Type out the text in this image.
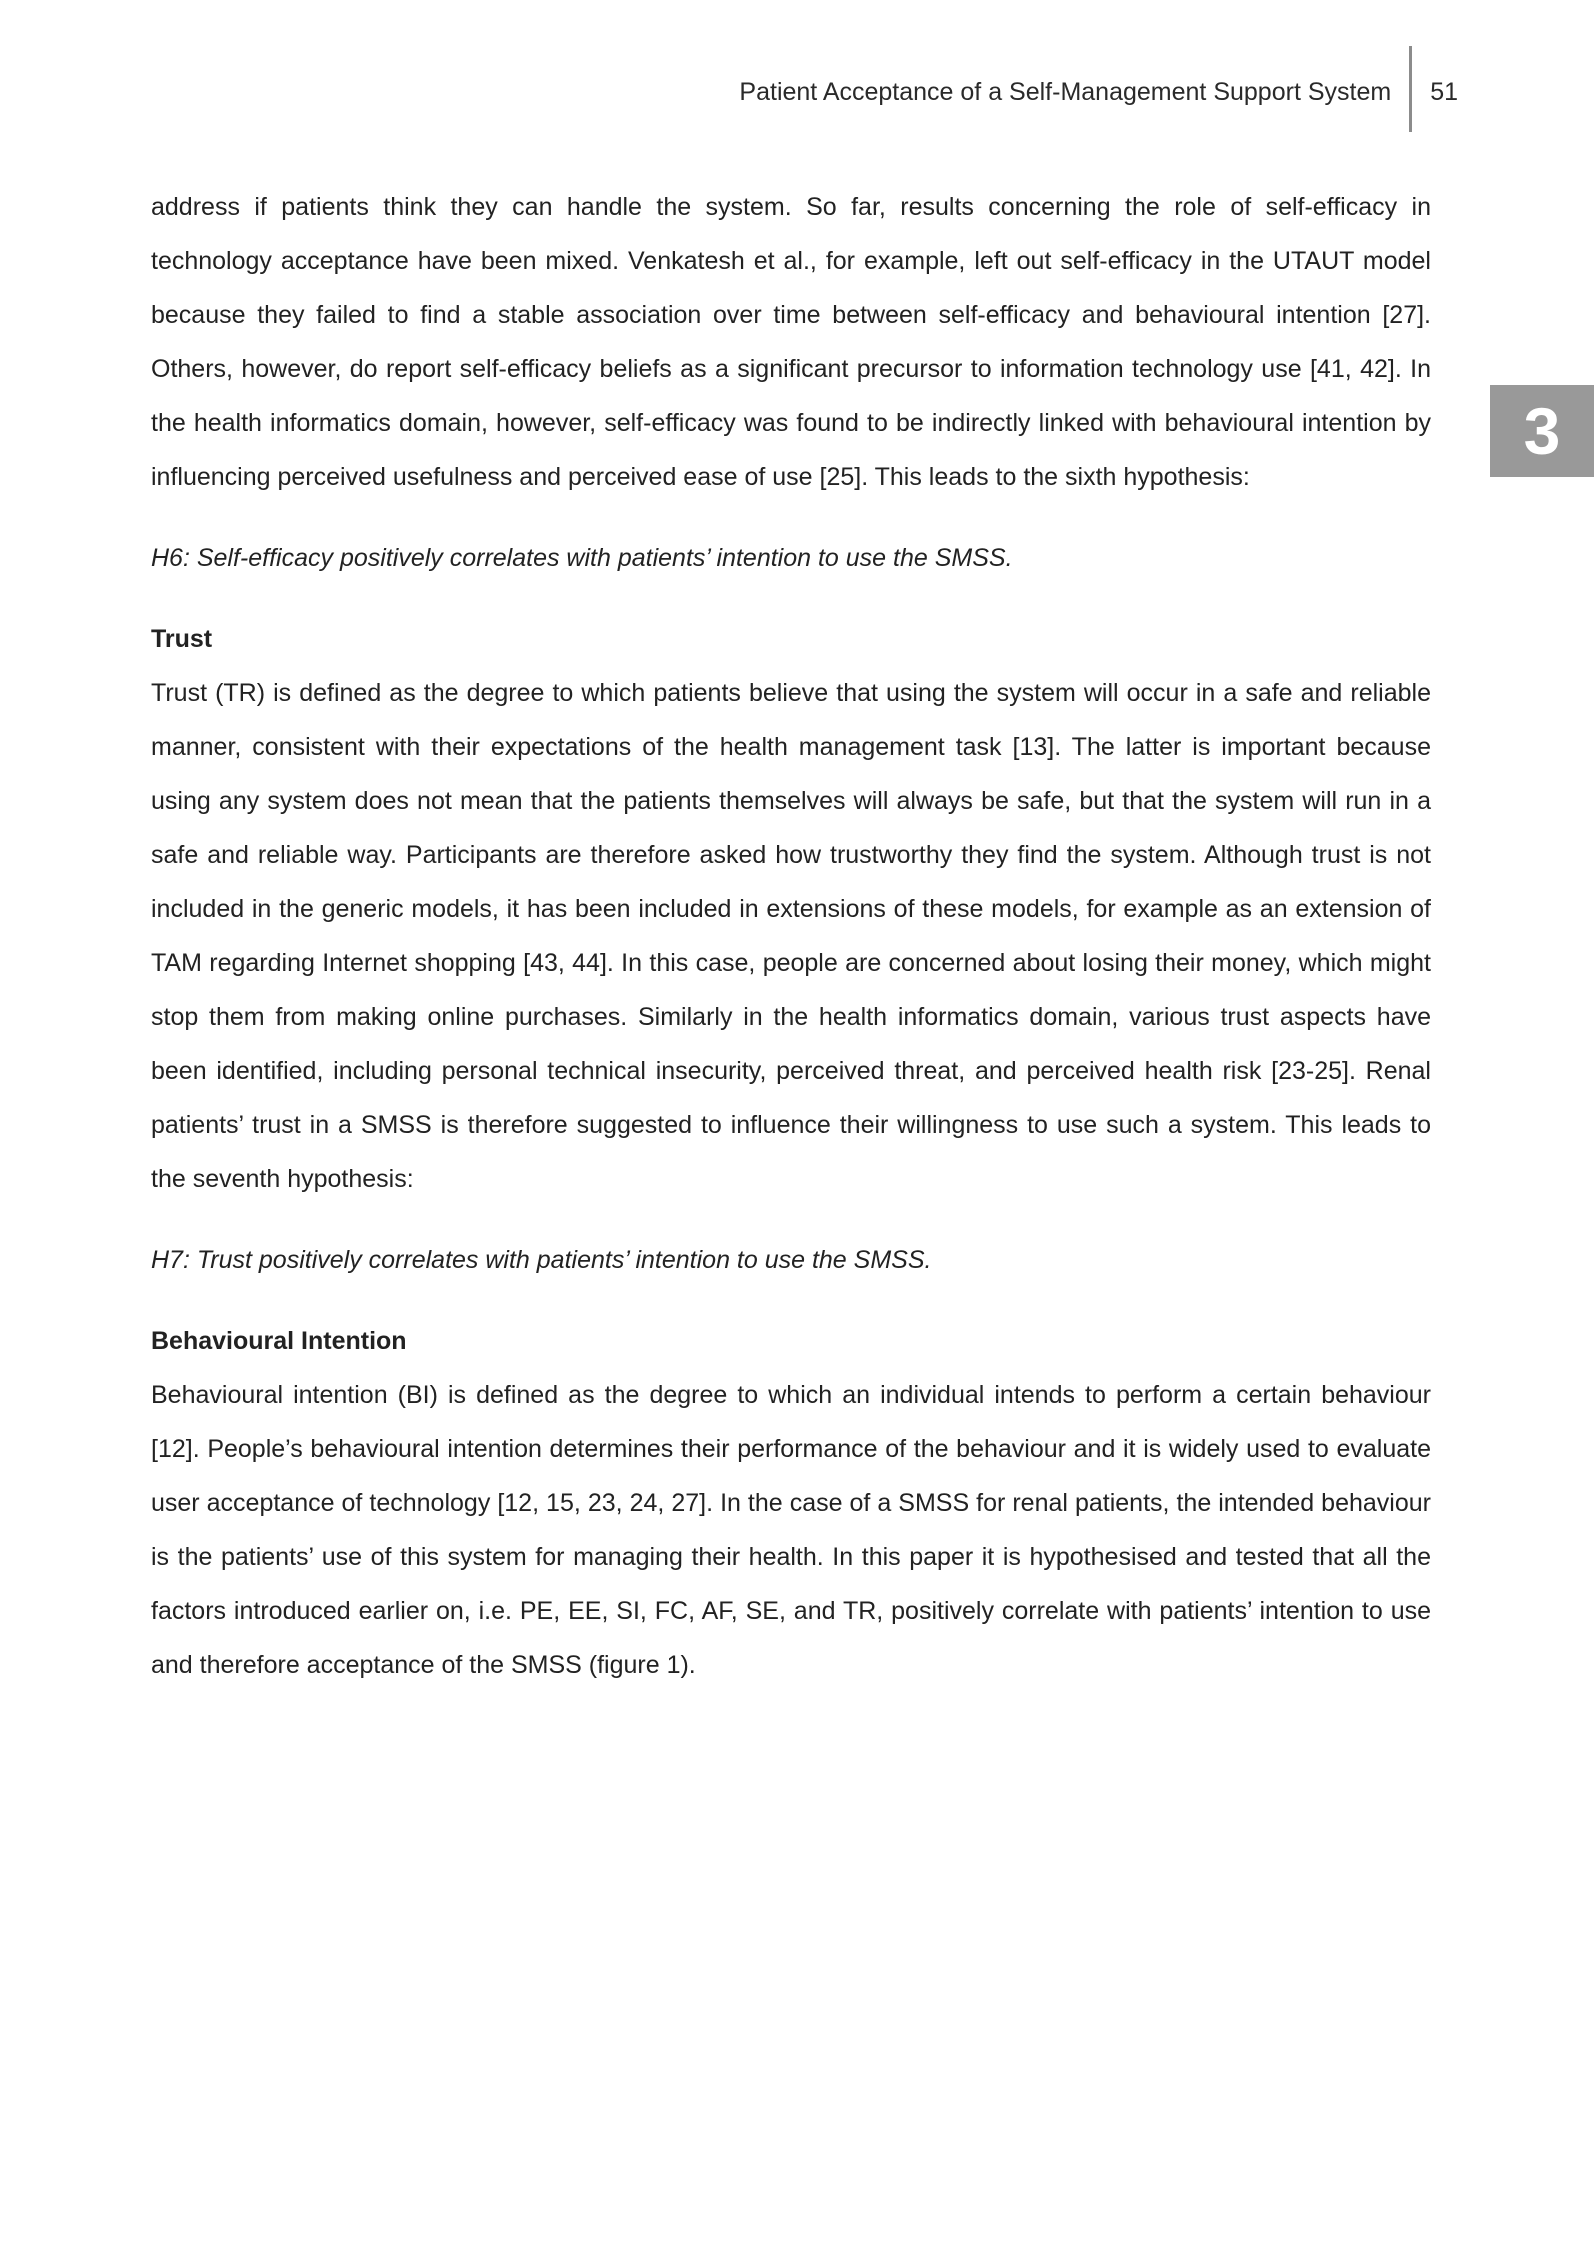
Patient Acceptance of a Self-Management Support System	51
3

address if patients think they can handle the system. So far, results concerning the role of self-efficacy in technology acceptance have been mixed. Venkatesh et al., for example, left out self-efficacy in the UTAUT model because they failed to find a stable association over time between self-efficacy and behavioural intention [27]. Others, however, do report self-efficacy beliefs as a significant precursor to information technology use [41, 42]. In the health informatics domain, however, self-efficacy was found to be indirectly linked with behavioural intention by influencing perceived usefulness and perceived ease of use [25]. This leads to the sixth hypothesis:

H6: Self-efficacy positively correlates with patients’ intention to use the SMSS.

Trust

Trust (TR) is defined as the degree to which patients believe that using the system will occur in a safe and reliable manner, consistent with their expectations of the health management task [13]. The latter is important because using any system does not mean that the patients themselves will always be safe, but that the system will run in a safe and reliable way. Participants are therefore asked how trustworthy they find the system. Although trust is not included in the generic models, it has been included in extensions of these models, for example as an extension of TAM regarding Internet shopping [43, 44]. In this case, people are concerned about losing their money, which might stop them from making online purchases. Similarly in the health informatics domain, various trust aspects have been identified, including personal technical insecurity, perceived threat, and perceived health risk [23-25]. Renal patients’ trust in a SMSS is therefore suggested to influence their willingness to use such a system. This leads to the seventh hypothesis:

H7: Trust positively correlates with patients’ intention to use the SMSS.

Behavioural Intention

Behavioural intention (BI) is defined as the degree to which an individual intends to perform a certain behaviour [12]. People’s behavioural intention determines their performance of the behaviour and it is widely used to evaluate user acceptance of technology [12, 15, 23, 24, 27]. In the case of a SMSS for renal patients, the intended behaviour is the patients’ use of this system for managing their health. In this paper it is hypothesised and tested that all the factors introduced earlier on, i.e. PE, EE, SI, FC, AF, SE, and TR, positively correlate with patients’ intention to use and therefore acceptance of the SMSS (figure 1).
